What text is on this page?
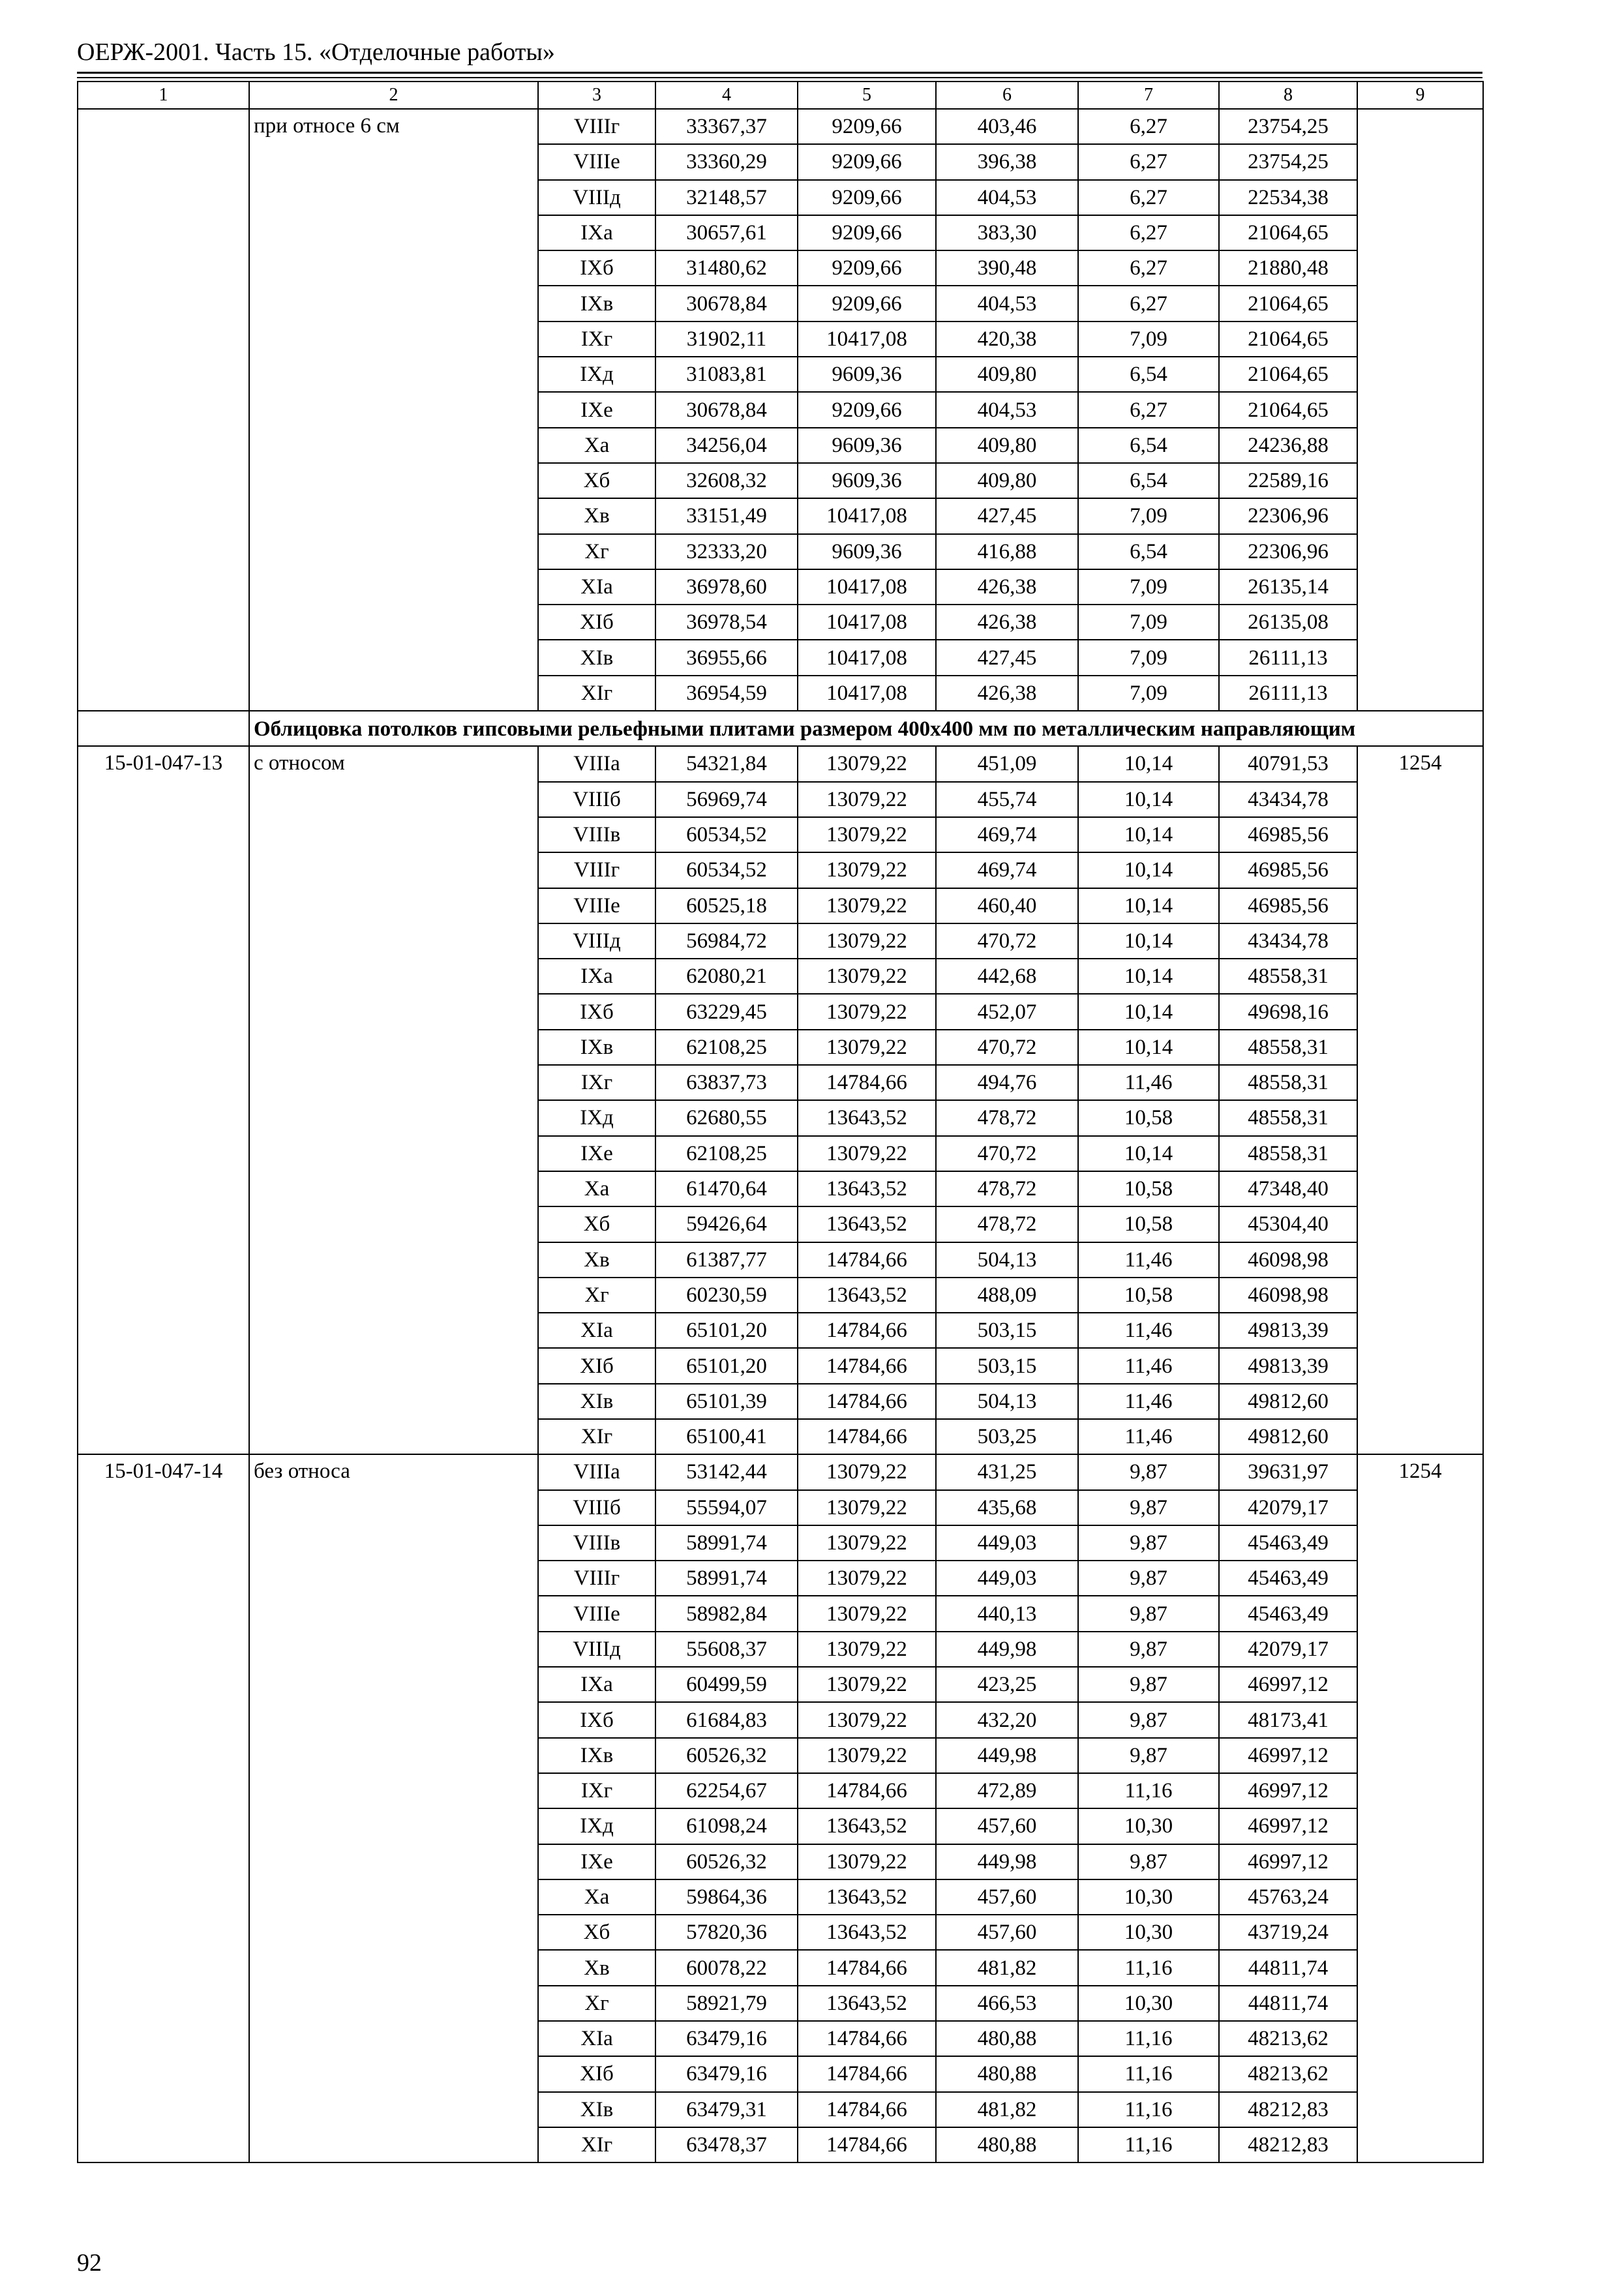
ОЕРЖ-2001. Часть 15. «Отделочные работы»
1	2	3	4	5	6	7	8	9
	при относе 6 см	VIIIг	33367,37	9209,66	403,46	6,27	23754,25	
		VIIIе	33360,29	9209,66	396,38	6,27	23754,25	
		VIIIд	32148,57	9209,66	404,53	6,27	22534,38	
		IXа	30657,61	9209,66	383,30	6,27	21064,65	
		IXб	31480,62	9209,66	390,48	6,27	21880,48	
		IXв	30678,84	9209,66	404,53	6,27	21064,65	
		IXг	31902,11	10417,08	420,38	7,09	21064,65	
		IXд	31083,81	9609,36	409,80	6,54	21064,65	
		IXе	30678,84	9209,66	404,53	6,27	21064,65	
		Xа	34256,04	9609,36	409,80	6,54	24236,88	
		Xб	32608,32	9609,36	409,80	6,54	22589,16	
		Xв	33151,49	10417,08	427,45	7,09	22306,96	
		Xг	32333,20	9609,36	416,88	6,54	22306,96	
		XIа	36978,60	10417,08	426,38	7,09	26135,14	
		XIб	36978,54	10417,08	426,38	7,09	26135,08	
		XIв	36955,66	10417,08	427,45	7,09	26111,13	
		XIг	36954,59	10417,08	426,38	7,09	26111,13	
	Облицовка потолков гипсовыми рельефными плитами размером 400х400 мм по металлическим направляющим							
15-01-047-13	с относом	VIIIа	54321,84	13079,22	451,09	10,14	40791,53	1254
		VIIIб	56969,74	13079,22	455,74	10,14	43434,78	
		VIIIв	60534,52	13079,22	469,74	10,14	46985,56	
		VIIIг	60534,52	13079,22	469,74	10,14	46985,56	
		VIIIе	60525,18	13079,22	460,40	10,14	46985,56	
		VIIIд	56984,72	13079,22	470,72	10,14	43434,78	
		IXа	62080,21	13079,22	442,68	10,14	48558,31	
		IXб	63229,45	13079,22	452,07	10,14	49698,16	
		IXв	62108,25	13079,22	470,72	10,14	48558,31	
		IXг	63837,73	14784,66	494,76	11,46	48558,31	
		IXд	62680,55	13643,52	478,72	10,58	48558,31	
		IXе	62108,25	13079,22	470,72	10,14	48558,31	
		Xа	61470,64	13643,52	478,72	10,58	47348,40	
		Xб	59426,64	13643,52	478,72	10,58	45304,40	
		Xв	61387,77	14784,66	504,13	11,46	46098,98	
		Xг	60230,59	13643,52	488,09	10,58	46098,98	
		XIа	65101,20	14784,66	503,15	11,46	49813,39	
		XIб	65101,20	14784,66	503,15	11,46	49813,39	
		XIв	65101,39	14784,66	504,13	11,46	49812,60	
		XIг	65100,41	14784,66	503,25	11,46	49812,60	
15-01-047-14	без относа	VIIIа	53142,44	13079,22	431,25	9,87	39631,97	1254
		VIIIб	55594,07	13079,22	435,68	9,87	42079,17	
		VIIIв	58991,74	13079,22	449,03	9,87	45463,49	
		VIIIг	58991,74	13079,22	449,03	9,87	45463,49	
		VIIIе	58982,84	13079,22	440,13	9,87	45463,49	
		VIIIд	55608,37	13079,22	449,98	9,87	42079,17	
		IXа	60499,59	13079,22	423,25	9,87	46997,12	
		IXб	61684,83	13079,22	432,20	9,87	48173,41	
		IXв	60526,32	13079,22	449,98	9,87	46997,12	
		IXг	62254,67	14784,66	472,89	11,16	46997,12	
		IXд	61098,24	13643,52	457,60	10,30	46997,12	
		IXе	60526,32	13079,22	449,98	9,87	46997,12	
		Xа	59864,36	13643,52	457,60	10,30	45763,24	
		Xб	57820,36	13643,52	457,60	10,30	43719,24	
		Xв	60078,22	14784,66	481,82	11,16	44811,74	
		Xг	58921,79	13643,52	466,53	10,30	44811,74	
		XIа	63479,16	14784,66	480,88	11,16	48213,62	
		XIб	63479,16	14784,66	480,88	11,16	48213,62	
		XIв	63479,31	14784,66	481,82	11,16	48212,83	
		XIг	63478,37	14784,66	480,88	11,16	48212,83	
92
